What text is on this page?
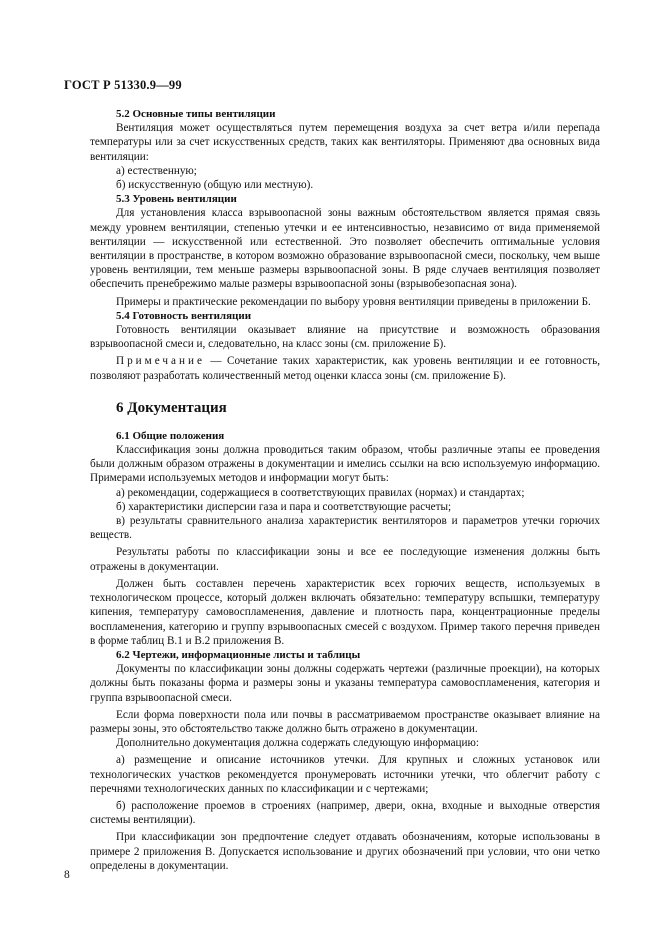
ГОСТ Р 51330.9—99

5.2 Основные типы вентиляции

Вентиляция может осуществляться путем перемещения воздуха за счет ветра и/или перепада температуры или за счет искусственных средств, таких как вентиляторы. Применяют два основных вида вентиляции:

а) естественную;

б) искусственную (общую или местную).

5.3 Уровень вентиляции

Для установления класса взрывоопасной зоны важным обстоятельством является прямая связь между уровнем вентиляции, степенью утечки и ее интенсивностью, независимо от вида применяемой вентиляции — искусственной или естественной. Это позволяет обеспечить оптимальные условия вентиляции в пространстве, в котором возможно образование взрывоопасной смеси, поскольку, чем выше уровень вентиляции, тем меньше размеры взрывоопасной зоны. В ряде случаев вентиляция позволяет обеспечить пренебрежимо малые размеры взрывоопасной зоны (взрывобезопасная зона).

Примеры и практические рекомендации по выбору уровня вентиляции приведены в приложении Б.

5.4 Готовность вентиляции

Готовность вентиляции оказывает влияние на присутствие и возможность образования взрывоопасной смеси и, следовательно, на класс зоны (см. приложение Б).

Примечание — Сочетание таких характеристик, как уровень вентиляции и ее готовность, позволяют разработать количественный метод оценки класса зоны (см. приложение Б).

6 Документация

6.1 Общие положения

Классификация зоны должна проводиться таким образом, чтобы различные этапы ее проведения были должным образом отражены в документации и имелись ссылки на всю используемую информацию. Примерами используемых методов и информации могут быть:

а) рекомендации, содержащиеся в соответствующих правилах (нормах) и стандартах;

б) характеристики дисперсии газа и пара и соответствующие расчеты;

в) результаты сравнительного анализа характеристик вентиляторов и параметров утечки горючих веществ.

Результаты работы по классификации зоны и все ее последующие изменения должны быть отражены в документации.

Должен быть составлен перечень характеристик всех горючих веществ, используемых в технологическом процессе, который должен включать обязательно: температуру вспышки, температуру кипения, температуру самовоспламенения, давление и плотность пара, концентрационные пределы воспламенения, категорию и группу взрывоопасных смесей с воздухом. Пример такого перечня приведен в форме таблиц В.1 и В.2 приложения В.

6.2 Чертежи, информационные листы и таблицы

Документы по классификации зоны должны содержать чертежи (различные проекции), на которых должны быть показаны форма и размеры зоны и указаны температура самовоспламенения, категория и группа взрывоопасной смеси.

Если форма поверхности пола или почвы в рассматриваемом пространстве оказывает влияние на размеры зоны, это обстоятельство также должно быть отражено в документации.

Дополнительно документация должна содержать следующую информацию:

а) размещение и описание источников утечки. Для крупных и сложных установок или технологических участков рекомендуется пронумеровать источники утечки, что облегчит работу с перечнями технологических данных по классификации и с чертежами;

б) расположение проемов в строениях (например, двери, окна, входные и выходные отверстия системы вентиляции).

При классификации зон предпочтение следует отдавать обозначениям, которые использованы в примере 2 приложения В. Допускается использование и других обозначений при условии, что они четко определены в документации.

8
